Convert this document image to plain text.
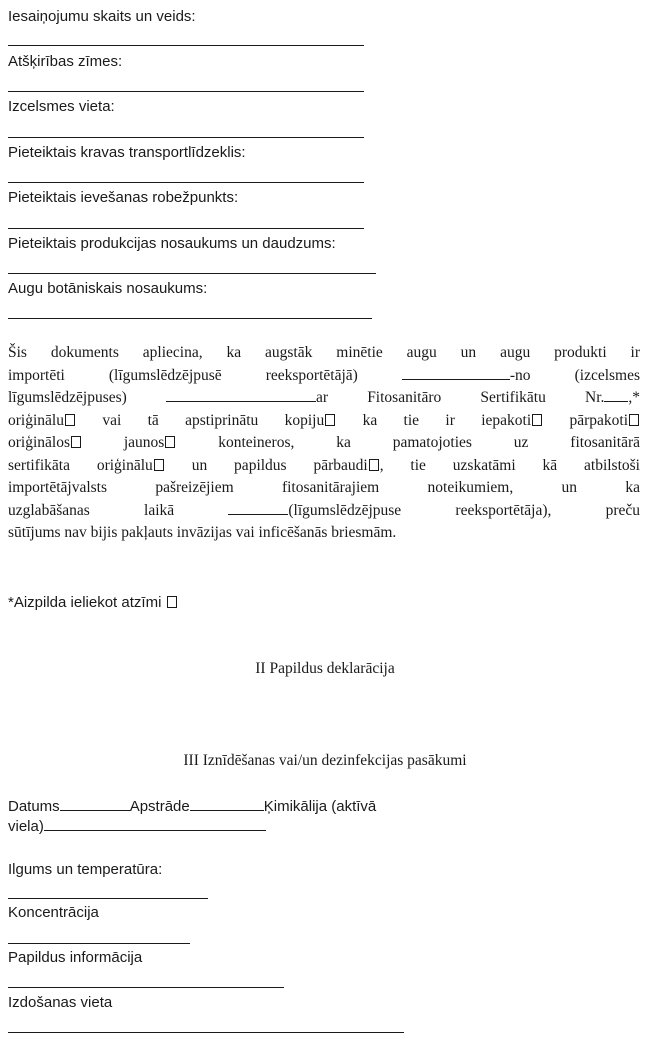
Iesaiņojumu skaits un veids:
Atšķirības zīmes:
Izcelsmes vieta:
Pieteiktais kravas transportlīdzeklis:
Pieteiktais ievešanas robežpunkts:
Pieteiktais produkcijas nosaukums un daudzums:
Augu botāniskais nosaukums:
Šis dokuments apliecina, ka augstāk minētie augu un augu produkti ir
importēti (līgumslēdzējpusē reeksportētājā)	-no (izcelsmes
līgumslēdzējpuses)	ar Fitosanitāro Sertifikātu Nr. ,*
oriģinālu vai tā apstiprinātu kopiju ka tie ir iepakoti pārpakoti
oriģinālos	jaunos	konteineros, ka pamatojoties uz fitosanitārā
sertifikāta oriģinālu	un papildus pārbaudi , tie uzskatāmi kā atbilstoši
importētājvalsts pašreizējiem fitosanitārajiem noteikumiem, un ka
uzglabāšanas laikā	(līgumslēdzējpuse reeksportētāja), preču
sūtījums nav bijis pakļauts invāzijas vai inficēšanās briesmām.
*Aizpilda ieliekot atzīmi
II Papildus deklarācija
III Iznīdēšanas vai/un dezinfekcijas pasākumi
Datums	Apstrāde	Ķimikālija (aktīvā
viela)
Ilgums un temperatūra:
Koncentrācija
Papildus informācija
Izdošanas vieta
